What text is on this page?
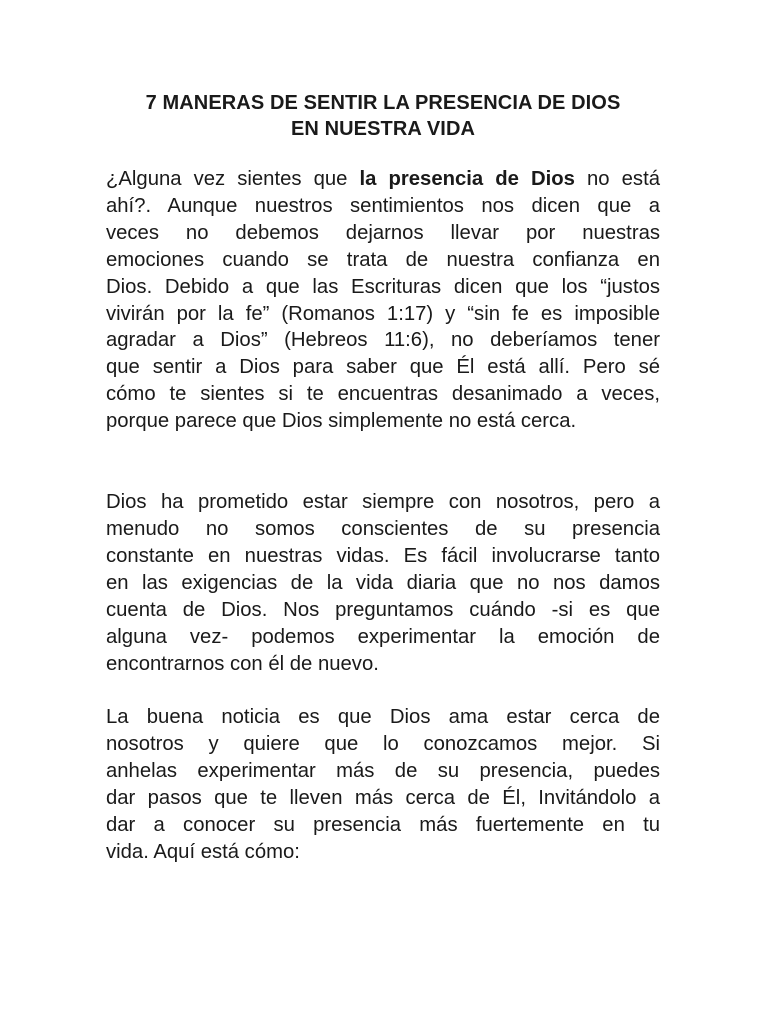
7 MANERAS DE SENTIR LA PRESENCIA DE DIOS
EN NUESTRA VIDA
¿Alguna vez sientes que la presencia de Dios no está
ahí?. Aunque nuestros sentimientos nos dicen que a
veces no debemos dejarnos llevar por nuestras
emociones cuando se trata de nuestra confianza en
Dios. Debido a que las Escrituras dicen que los “justos
vivirán por la fe” (Romanos 1:17) y “sin fe es imposible
agradar a Dios” (Hebreos 11:6), no deberíamos tener
que sentir a Dios para saber que Él está allí. Pero sé
cómo te sientes si te encuentras desanimado a veces,
porque parece que Dios simplemente no está cerca.
Dios ha prometido estar siempre con nosotros, pero a
menudo no somos conscientes de su presencia
constante en nuestras vidas. Es fácil involucrarse tanto
en las exigencias de la vida diaria que no nos damos
cuenta de Dios. Nos preguntamos cuándo -si es que
alguna vez- podemos experimentar la emoción de
encontrarnos con él de nuevo.
La buena noticia es que Dios ama estar cerca de
nosotros y quiere que lo conozcamos mejor. Si
anhelas experimentar más de su presencia, puedes
dar pasos que te lleven más cerca de Él, Invitándolo a
dar a conocer su presencia más fuertemente en tu
vida. Aquí está cómo:
